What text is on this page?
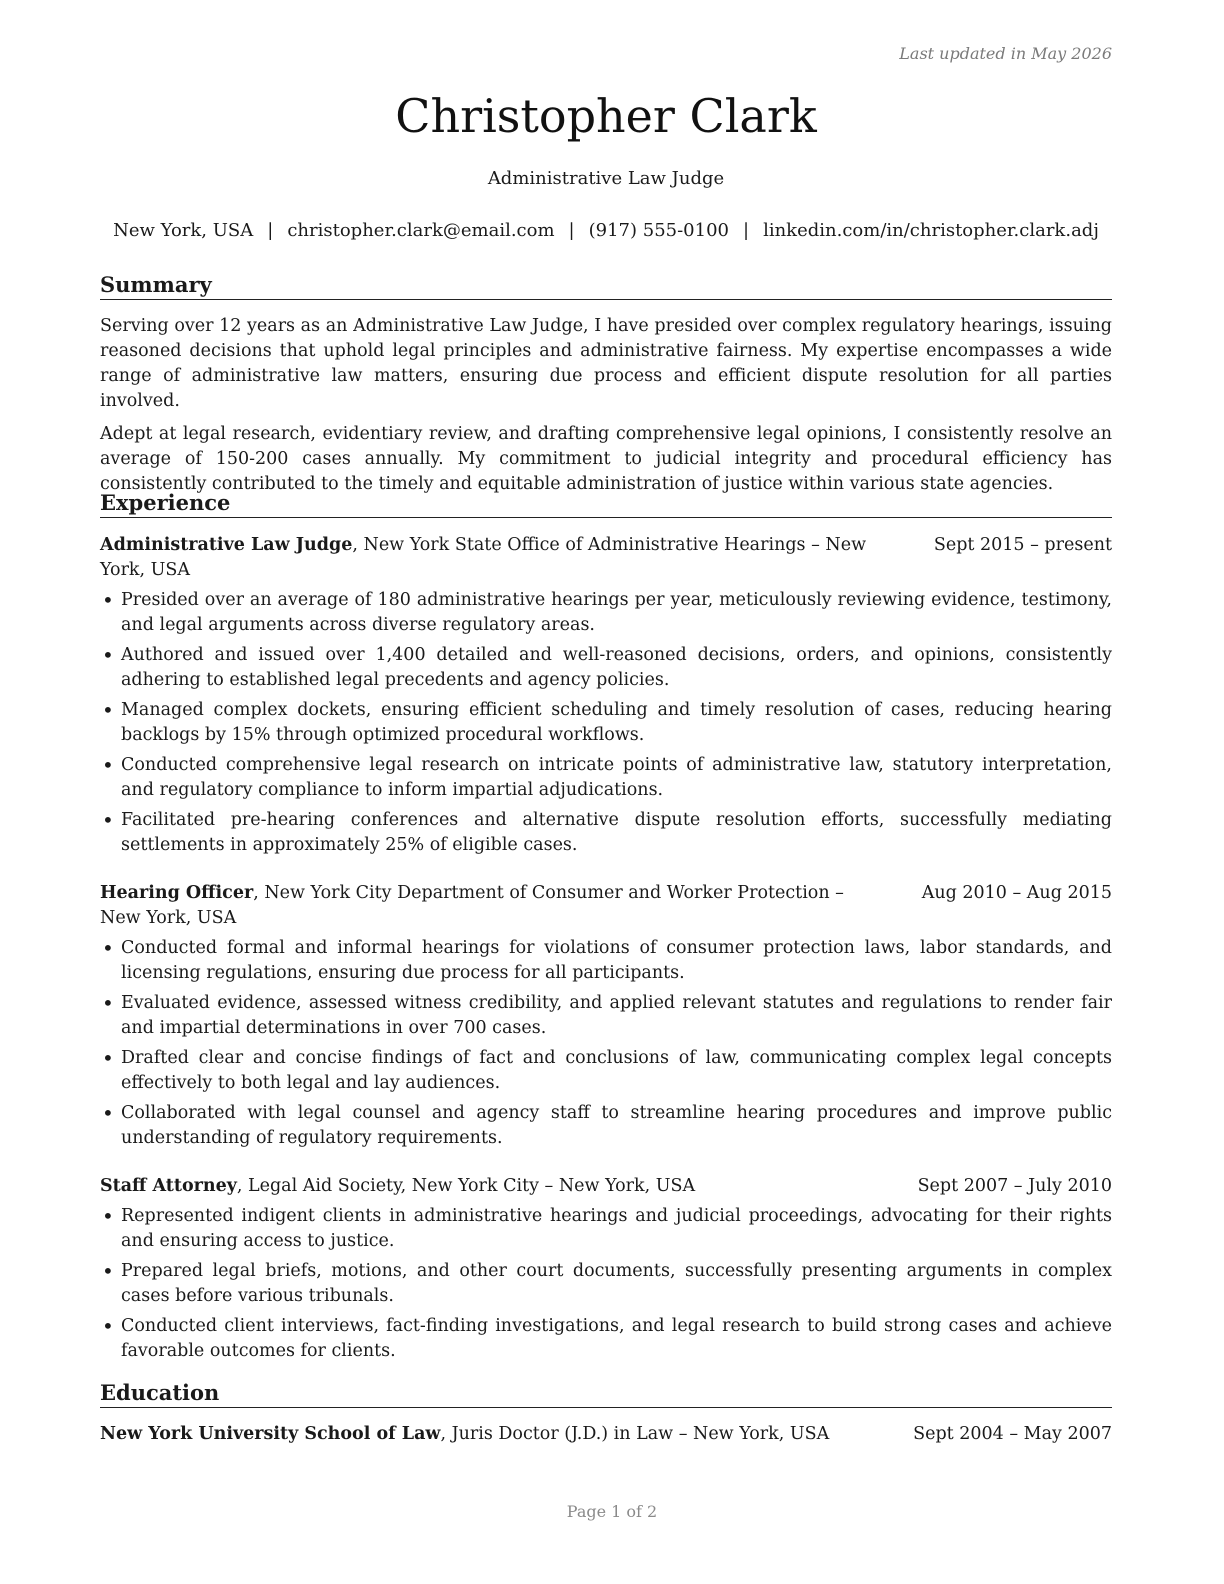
Last updated in May 2026
Christopher Clark
Administrative Law Judge
New York, USA | christopher.clark@email.com | (917) 555-0100 | linkedin.com/in/christopher.clark.adj
Summary

Serving over 12 years as an Administrative Law Judge, I have presided over complex regulatory hearings, issuing reasoned decisions that uphold legal principles and administrative fairness. My expertise encompasses a wide range of administrative law matters, ensuring due process and efficient dispute resolution for all parties involved.

Adept at legal research, evidentiary review, and drafting comprehensive legal opinions, I consistently resolve an average of 150-200 cases annually. My commitment to judicial integrity and procedural efficiency has consistently contributed to the timely and equitable administration of justice within various state agencies.

Experience
Administrative Law Judge, New York State Office of Administrative Hearings – New York, USA
Sept 2015 – present
• Presided over an average of 180 administrative hearings per year, meticulously reviewing evidence, testimony, and legal arguments across diverse regulatory areas.
• Authored and issued over 1,400 detailed and well-reasoned decisions, orders, and opinions, consistently adhering to established legal precedents and agency policies.
• Managed complex dockets, ensuring efficient scheduling and timely resolution of cases, reducing hearing backlogs by 15% through optimized procedural workflows.
• Conducted comprehensive legal research on intricate points of administrative law, statutory interpretation, and regulatory compliance to inform impartial adjudications.
• Facilitated pre-hearing conferences and alternative dispute resolution efforts, successfully mediating settlements in approximately 25% of eligible cases.
Hearing Officer, New York City Department of Consumer and Worker Protection – New York, USA
Aug 2010 – Aug 2015
• Conducted formal and informal hearings for violations of consumer protection laws, labor standards, and licensing regulations, ensuring due process for all participants.
• Evaluated evidence, assessed witness credibility, and applied relevant statutes and regulations to render fair and impartial determinations in over 700 cases.
• Drafted clear and concise findings of fact and conclusions of law, communicating complex legal concepts effectively to both legal and lay audiences.
• Collaborated with legal counsel and agency staff to streamline hearing procedures and improve public understanding of regulatory requirements.
Staff Attorney, Legal Aid Society, New York City – New York, USA	Sept 2007 – July 2010
• Represented indigent clients in administrative hearings and judicial proceedings, advocating for their rights and ensuring access to justice.
• Prepared legal briefs, motions, and other court documents, successfully presenting arguments in complex cases before various tribunals.
• Conducted client interviews, fact-finding investigations, and legal research to build strong cases and achieve favorable outcomes for clients.
Education
New York University School of Law, Juris Doctor (J.D.) in Law – New York, USA	Sept 2004 – May 2007
Page 1 of 2
